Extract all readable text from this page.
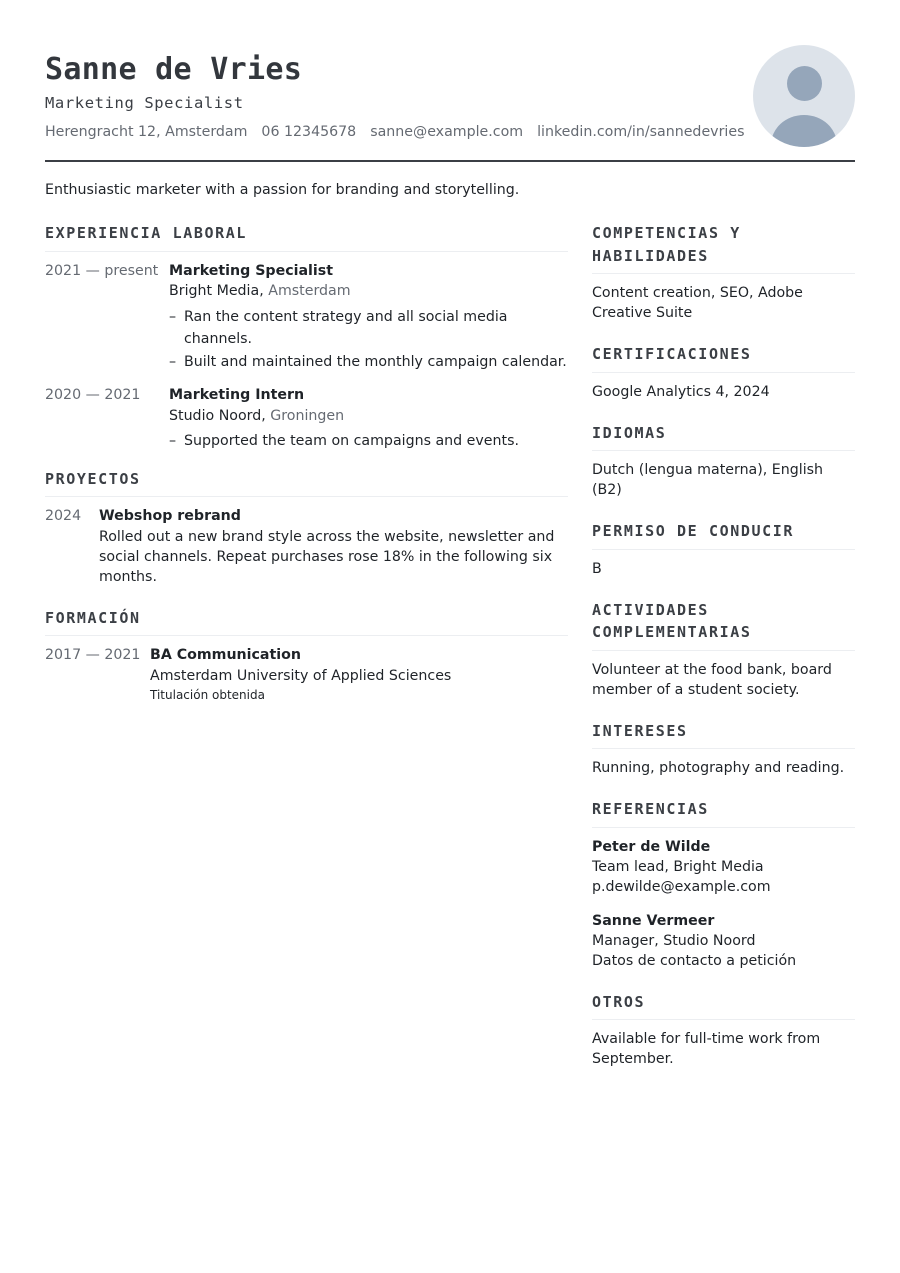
Sanne de Vries
Marketing Specialist
Herengracht 12, Amsterdam 06 12345678 sanne@example.com linkedin.com/in/sannedevries
Enthusiastic marketer with a passion for branding and storytelling.
EXPERIENCIA LABORAL
2021 — present Marketing Specialist
Bright Media, Amsterdam
– Ran the content strategy and all social media channels.
– Built and maintained the monthly campaign calendar.
2020 — 2021	Marketing Intern
Studio Noord, Groningen
– Supported the team on campaigns and events.
PROYECTOS
2024	Webshop rebrand
Rolled out a new brand style across the website, newsletter and social channels. Repeat purchases rose 18% in the following six months.
FORMACIÓN
2017 — 2021 BA Communication
Amsterdam University of Applied Sciences
Titulación obtenida
COMPETENCIAS Y HABILIDADES
Content creation, SEO, Adobe Creative Suite
CERTIFICACIONES
Google Analytics 4, 2024
IDIOMAS
Dutch (lengua materna), English (B2)
PERMISO DE CONDUCIR
B
ACTIVIDADES COMPLEMENTARIAS
Volunteer at the food bank, board member of a student society.
INTERESES
Running, photography and reading.
REFERENCIAS
Peter de Wilde
Team lead, Bright Media
p.dewilde@example.com
Sanne Vermeer
Manager, Studio Noord
Datos de contacto a petición
OTROS
Available for full-time work from September.
